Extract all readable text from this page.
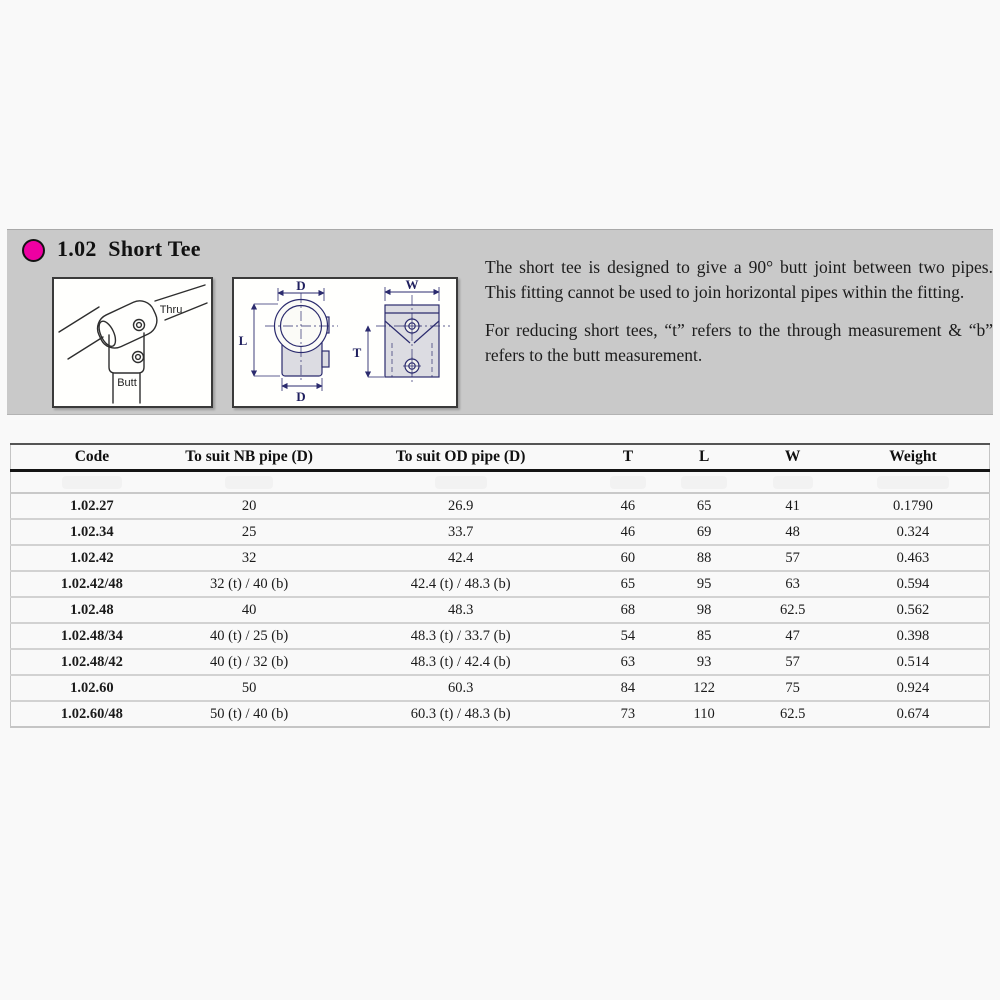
1.02  Short Tee
Thru
Butt
D
L
D
W
T

The short tee is designed to give a 90° butt joint between two pipes. This fitting cannot be used to join horizontal pipes within the fitting.

For reducing short tees, “t” refers to the through measurement & “b” refers to the butt measurement.

Code	To suit NB pipe (D)	To suit OD pipe (D)	T	L	W	Weight

1.02.27	20	26.9	46	65	41	0.1790
1.02.34	25	33.7	46	69	48	0.324
1.02.42	32	42.4	60	88	57	0.463
1.02.42/48	32 (t) / 40 (b)	42.4 (t) / 48.3 (b)	65	95	63	0.594
1.02.48	40	48.3	68	98	62.5	0.562
1.02.48/34	40 (t) / 25 (b)	48.3 (t) / 33.7 (b)	54	85	47	0.398
1.02.48/42	40 (t) / 32 (b)	48.3 (t) / 42.4 (b)	63	93	57	0.514
1.02.60	50	60.3	84	122	75	0.924
1.02.60/48	50 (t) / 40 (b)	60.3 (t) / 48.3 (b)	73	110	62.5	0.674
